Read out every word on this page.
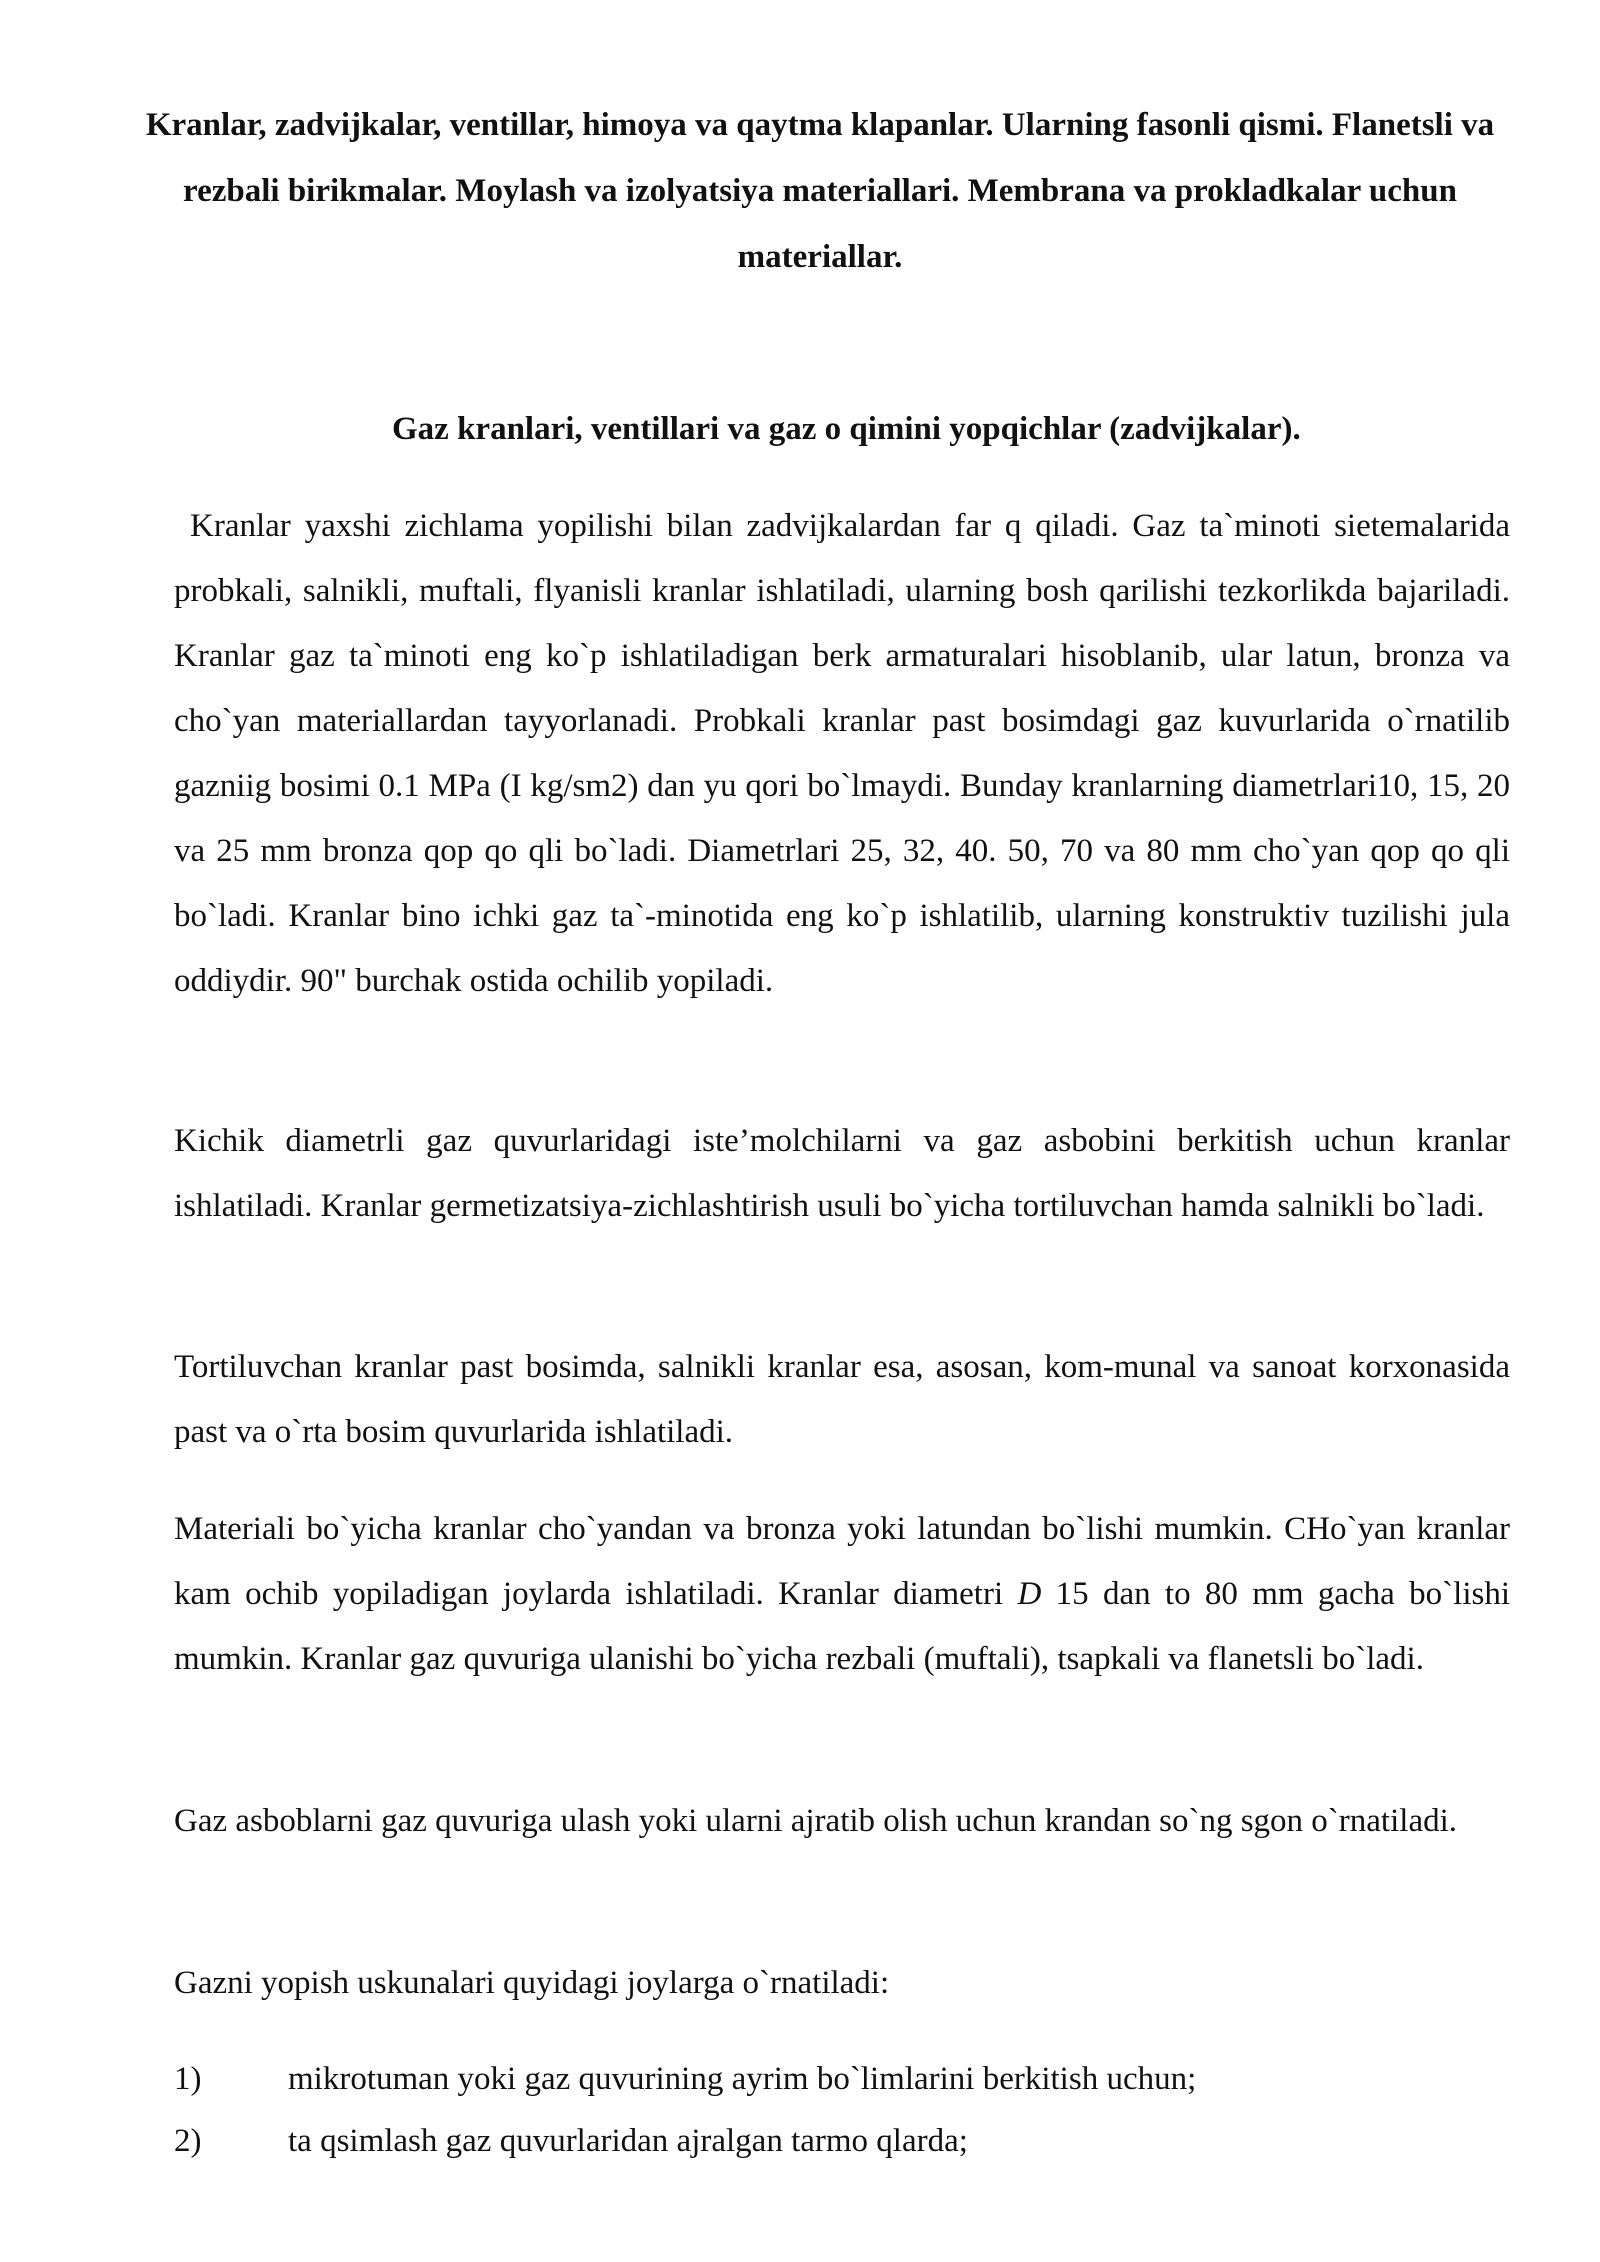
Kranlar, zadvijkalar, ventillar, himoya va qaytma klapanlar. Ularning fasonli qismi. Flanetsli va rezbali birikmalar. Moylash va izolyatsiya materiallari. Membrana va prokladkalar uchun materiallar.
Gaz kranlari, ventillari va gaz o qimini yopqichlar (zadvijkalar).

Kranlar yaxshi zichlama yopilishi bilan zadvijkalardan far q qiladi. Gaz ta`minoti sietemalarida probkali, salnikli, muftali, flyanisli kranlar ishlatiladi, ularning bosh qarilishi tezkorlikda bajariladi. Kranlar gaz ta`minoti eng ko`p ishlatiladigan berk armaturalari hisoblanib, ular latun, bronza va cho`yan materiallardan tayyorlanadi. Probkali kranlar past bosimdagi gaz kuvurlarida o`rnatilib gazniig bosimi 0.1 MPa (I kg/sm2) dan yu qori bo`lmaydi. Bunday kranlarning diametrlari10, 15, 20 va 25 mm bronza qop qo qli bo`ladi. Diametrlari 25, 32, 40. 50, 70 va 80 mm cho`yan qop qo qli bo`ladi. Kranlar bino ichki gaz ta`-minotida eng ko`p ishlatilib, ularning konstruktiv tuzilishi jula oddiydir. 90" burchak ostida ochilib yopiladi.

Kichik diametrli gaz quvurlaridagi iste’molchilarni va gaz asbobini berkitish uchun kranlar ishlatiladi. Kranlar germetizatsiya-zichlashtirish usuli bo`yicha tortiluvchan hamda salnikli bo`ladi.

Tortiluvchan kranlar past bosimda, salnikli kranlar esa, asosan, kom-munal va sanoat korxonasida past va o`rta bosim quvurlarida ishlatiladi.

Materiali bo`yicha kranlar cho`yandan va bronza yoki latundan bo`lishi mumkin. CHo`yan kranlar kam ochib yopiladigan joylarda ishlatiladi. Kranlar diametri D 15 dan to 80 mm gacha bo`lishi mumkin. Kranlar gaz quvuriga ulanishi bo`yicha rezbali (muftali), tsapkali va flanetsli bo`ladi.

Gaz asboblarni gaz quvuriga ulash yoki ularni ajratib olish uchun krandan so`ng sgon o`rnatiladi.

Gazni yopish uskunalari quyidagi joylarga o`rnatiladi:

1)	mikrotuman yoki gaz quvurining ayrim bo`limlarini berkitish uchun;
2)	ta qsimlash gaz quvurlaridan ajralgan tarmo qlarda;
